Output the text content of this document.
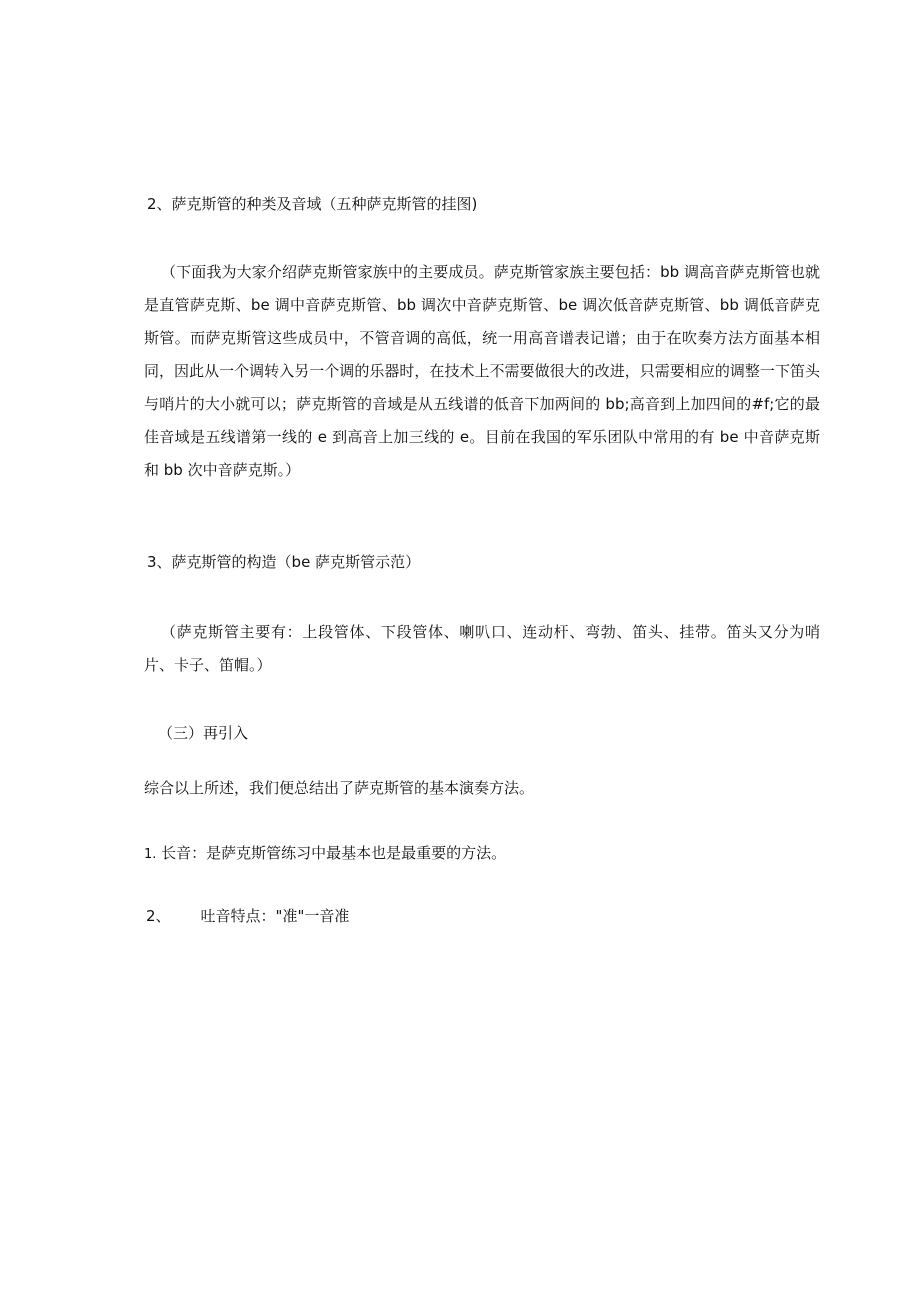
2、萨克斯管的种类及音域（五种萨克斯管的挂图)
（下面我为大家介绍萨克斯管家族中的主要成员。萨克斯管家族主要包括：bb 调高音萨克斯管也就是直管萨克斯、be 调中音萨克斯管、bb 调次中音萨克斯管、be 调次低音萨克斯管、bb 调低音萨克斯管。而萨克斯管这些成员中，不管音调的高低，统一用高音谱表记谱；由于在吹奏方法方面基本相同，因此从一个调转入另一个调的乐器时，在技术上不需要做很大的改进，只需要相应的调整一下笛头与哨片的大小就可以；萨克斯管的音域是从五线谱的低音下加两间的 bb;高音到上加四间的#f;它的最佳音域是五线谱第一线的 e 到高音上加三线的 e。目前在我国的军乐团队中常用的有 be 中音萨克斯和 bb 次中音萨克斯。）
3、萨克斯管的构造（be 萨克斯管示范）
（萨克斯管主要有：上段管体、下段管体、喇叭口、连动杆、弯勃、笛头、挂带。笛头又分为哨片、卡子、笛帽。）
（三）再引入
综合以上所述，我们便总结出了萨克斯管的基本演奏方法。
1. 长音：是萨克斯管练习中最基本也是最重要的方法。
2、 吐音特点："准"一音准
